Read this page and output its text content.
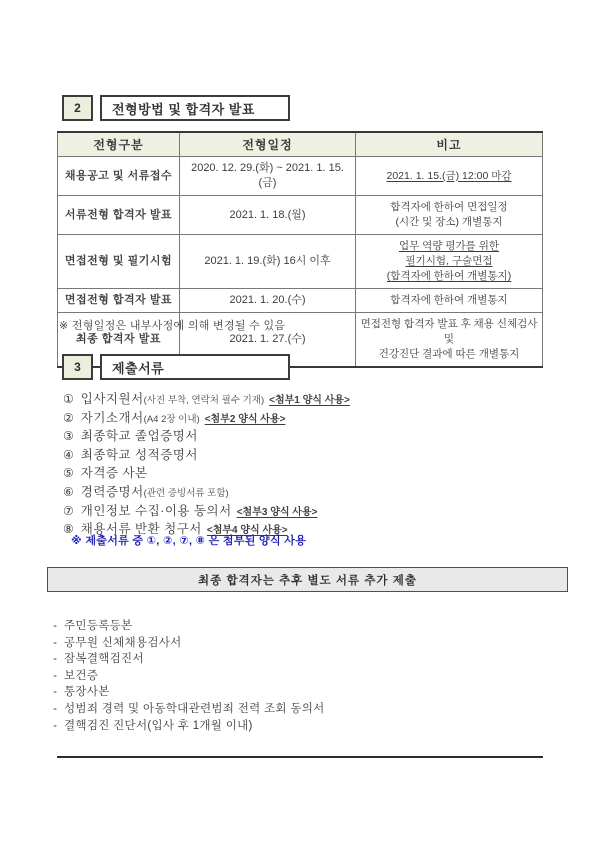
2	전형방법 및 합격자 발표
전형구분	전형일정	비고
채용공고 및 서류접수	2020. 12. 29.(화) ~ 2021. 1. 15.(금)	2021. 1. 15.(금) 12:00 마감

서류전형 합격자 발표	2021. 1. 18.(월)	합격자에 한하여 면접일정
(시간 및 장소) 개별통지

면접전형 및 필기시험	2021. 1. 19.(화) 16시 이후	업무 역량 평가를 위한
필기시험, 구술면접
(합격자에 한하여 개별통지)

면접전형 합격자 발표	2021. 1. 20.(수)	합격자에 한하여 개별통지

최종 합격자 발표	2021. 1. 27.(수)	면접전형 합격자 발표 후 채용 신체검사 및
건강진단 결과에 따른 개별통지
※ 전형일정은 내부사정에 의해 변경될 수 있음
3	제출서류
① 입사지원서 (사진 부착, 연락처 필수 기재) <첨부1 양식 사용>
② 자기소개서 (A4 2장 이내) <첨부2 양식 사용>
③ 최종학교 졸업증명서
④ 최종학교 성적증명서
⑤ 자격증 사본
⑥ 경력증명서 (관련 증빙서류 포함)
⑦ 개인정보 수집·이용 동의서 <첨부3 양식 사용>
⑧ 채용서류 반환 청구서 <첨부4 양식 사용>
※ 제출서류 중 ①, ②, ⑦, ⑧ 은 첨부된 양식 사용
최종 합격자는 추후 별도 서류 추가 제출
- 주민등록등본
- 공무원 신체채용검사서
- 잠복결핵검진서
- 보건증
- 통장사본
- 성범죄 경력 및 아동학대관련범죄 전력 조회 동의서
- 결핵검진 진단서(입사 후 1개월 이내)
